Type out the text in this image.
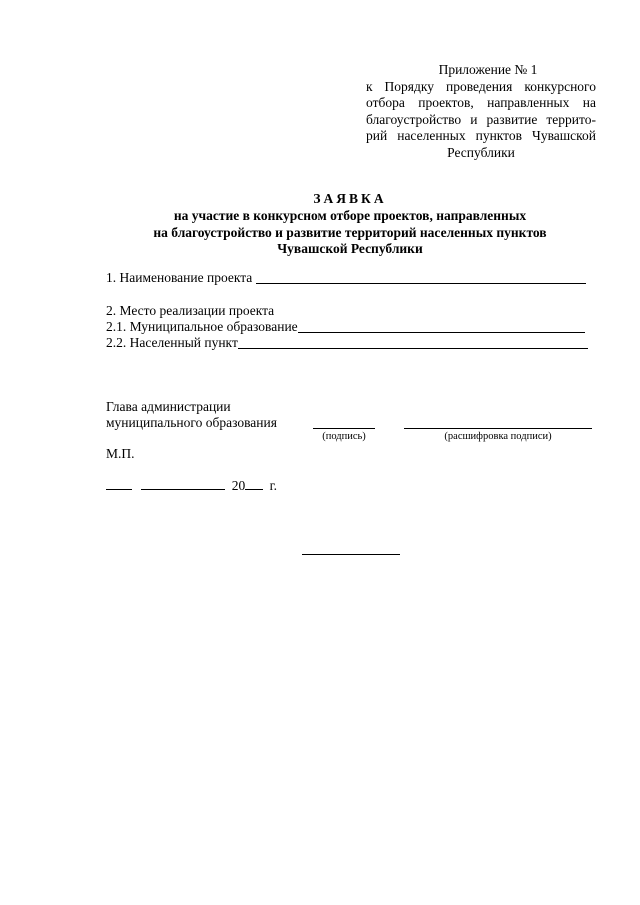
Приложение № 1
к Порядку проведения конкурсного
отбора проектов, направленных на
благоустройство и развитие террито-
рий населенных пунктов Чувашской
Республики
ЗАЯВКА
на участие в конкурсном отборе проектов, направленных
на благоустройство и развитие территорий населенных пунктов
Чувашской Республики
1. Наименование проекта
2. Место реализации проекта
2.1. Муниципальное образование
2.2. Населенный пункт
Глава администрации
муниципального образования
(подпись)	(расшифровка подписи)
М.П.
20 г.
